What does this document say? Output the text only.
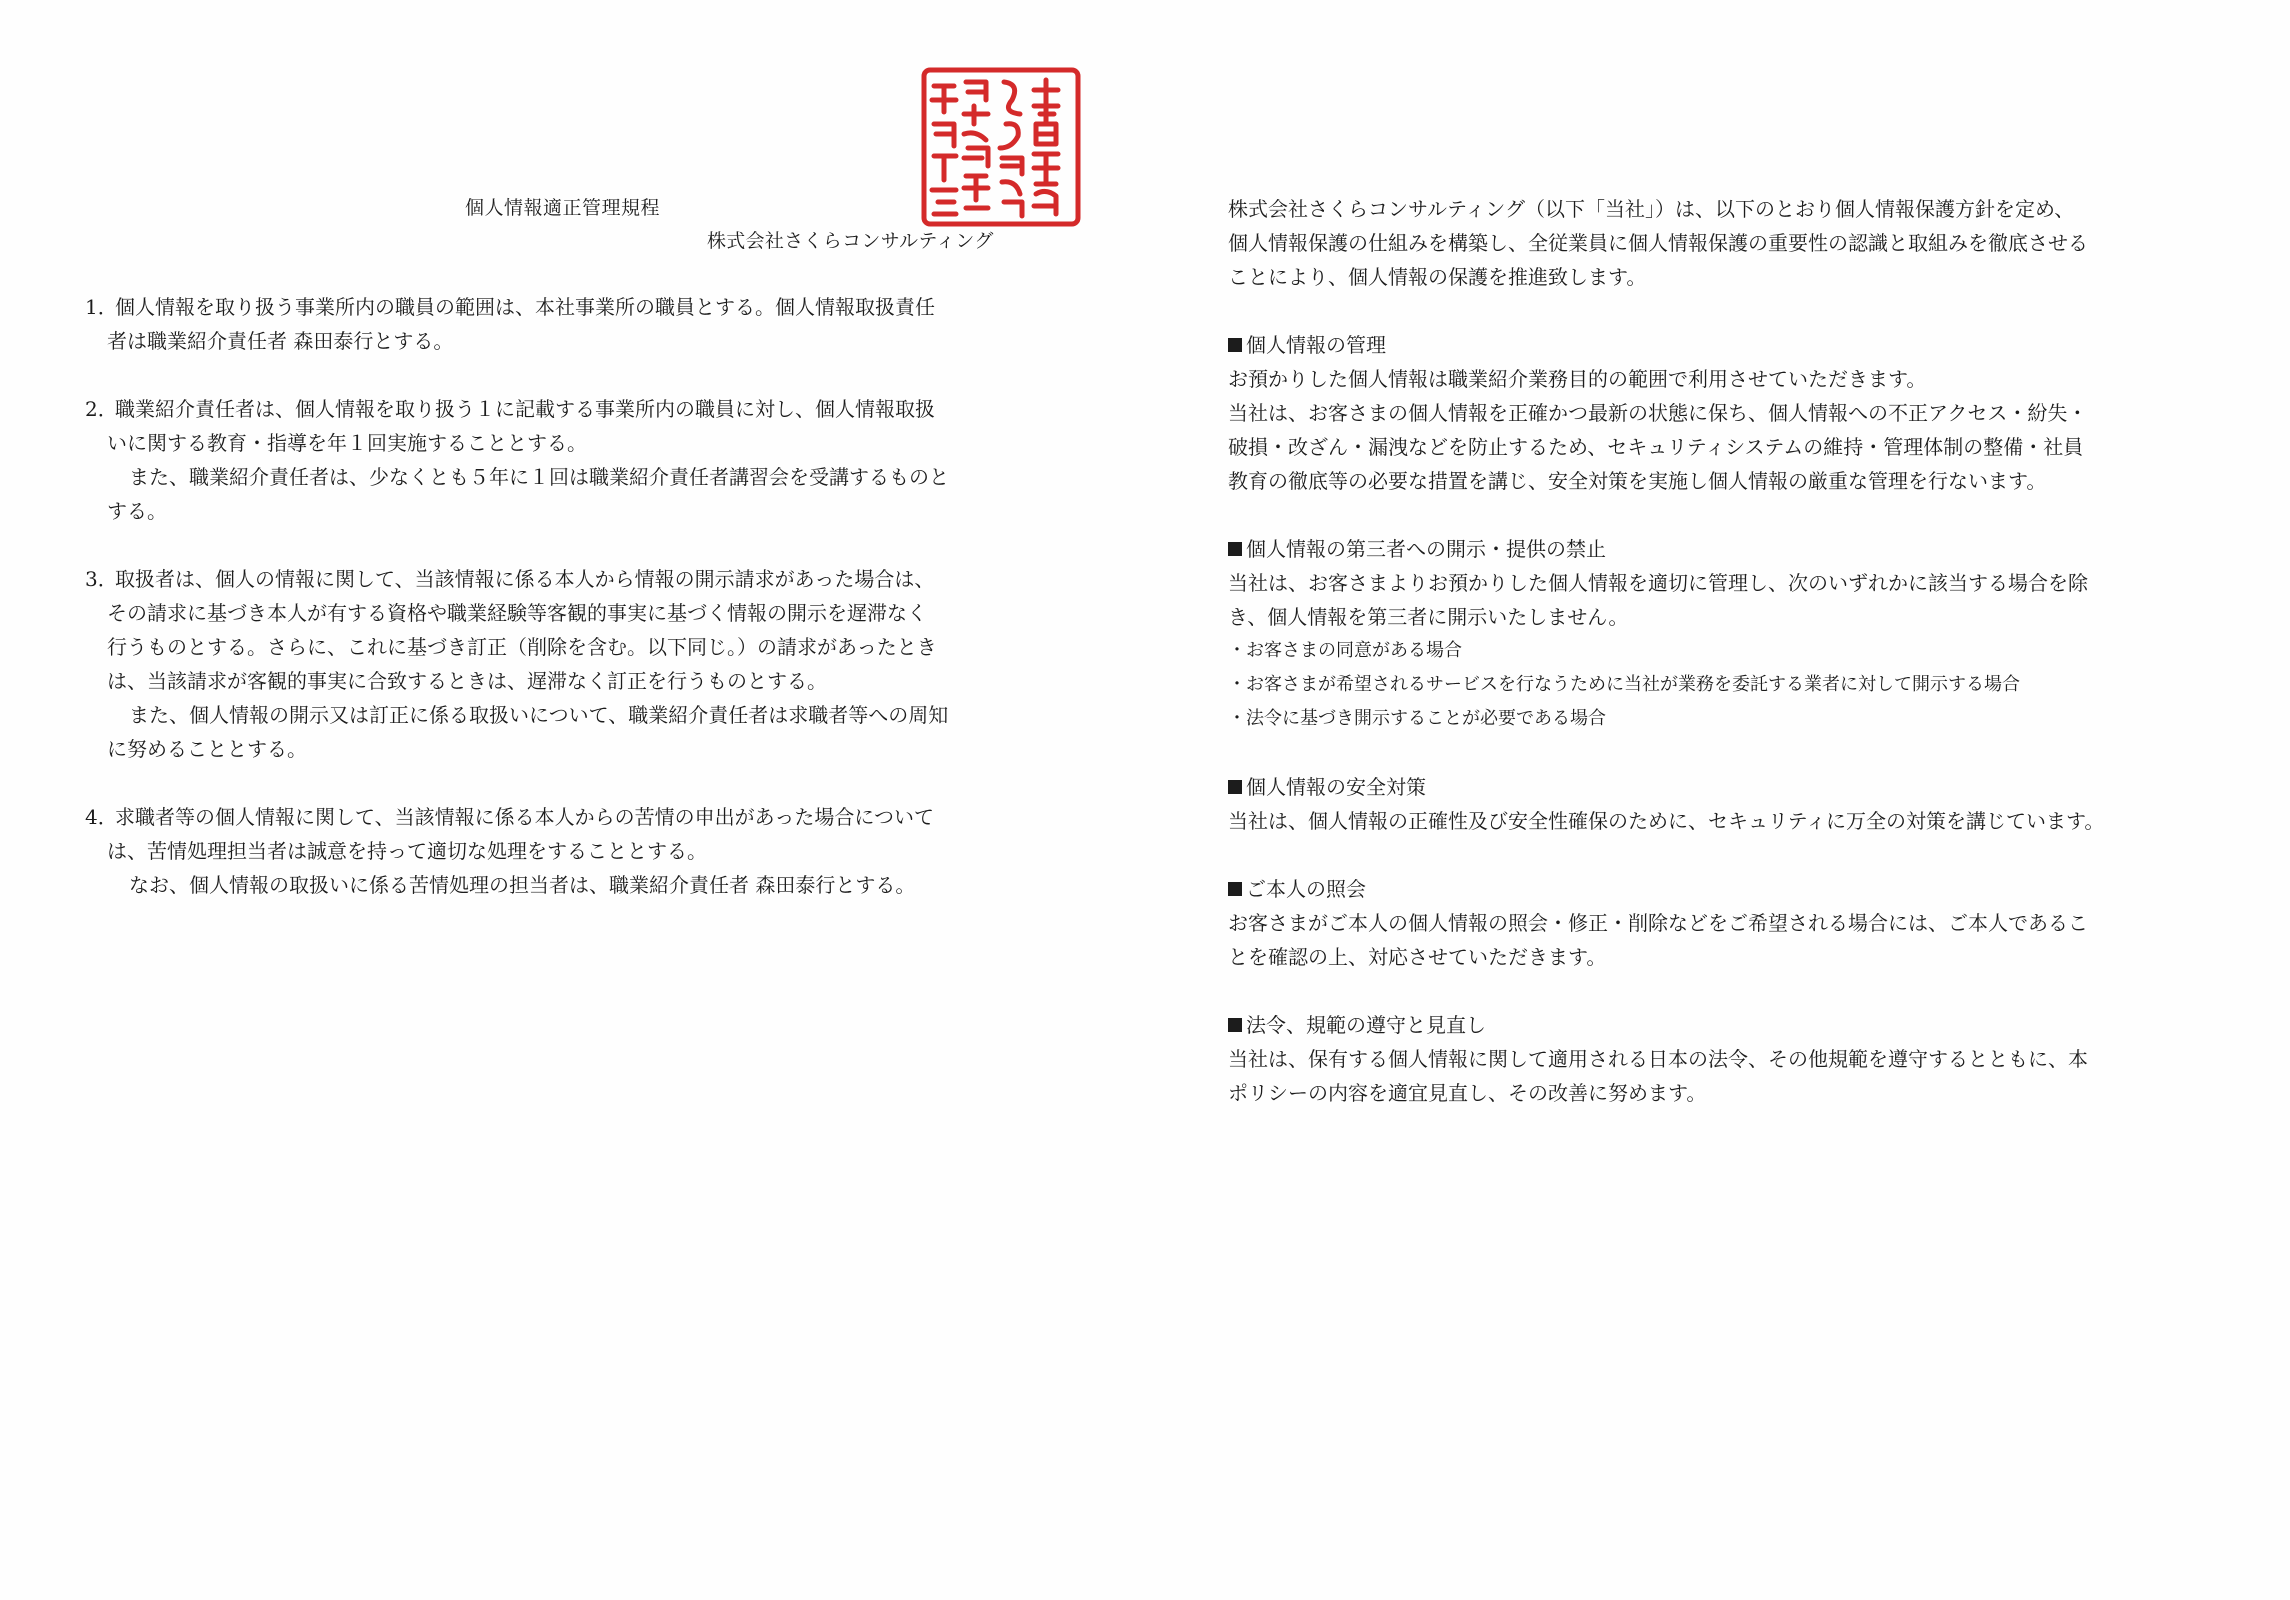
個人情報適正管理規程
株式会社さくらコンサルティング
1．個人情報を取り扱う事業所内の職員の範囲は、本社事業所の職員とする。個人情報取扱責任
者は職業紹介責任者 森田泰行とする。
2．職業紹介責任者は、個人情報を取り扱う１に記載する事業所内の職員に対し、個人情報取扱
いに関する教育・指導を年１回実施することとする。
また、職業紹介責任者は、少なくとも５年に１回は職業紹介責任者講習会を受講するものと
する。
3．取扱者は、個人の情報に関して、当該情報に係る本人から情報の開示請求があった場合は、
その請求に基づき本人が有する資格や職業経験等客観的事実に基づく情報の開示を遅滞なく
行うものとする。さらに、これに基づき訂正（削除を含む。以下同じ。）の請求があったとき
は、当該請求が客観的事実に合致するときは、遅滞なく訂正を行うものとする。
また、個人情報の開示又は訂正に係る取扱いについて、職業紹介責任者は求職者等への周知
に努めることとする。
4．求職者等の個人情報に関して、当該情報に係る本人からの苦情の申出があった場合について
は、苦情処理担当者は誠意を持って適切な処理をすることとする。
なお、個人情報の取扱いに係る苦情処理の担当者は、職業紹介責任者 森田泰行とする。

株式会社さくらコンサルティング（以下「当社」）は、以下のとおり個人情報保護方針を定め、

個人情報保護の仕組みを構築し、全従業員に個人情報保護の重要性の認識と取組みを徹底させる

ことにより、個人情報の保護を推進致します。

個人情報の管理

お預かりした個人情報は職業紹介業務目的の範囲で利用させていただきます。

当社は、お客さまの個人情報を正確かつ最新の状態に保ち、個人情報への不正アクセス・紛失・

破損・改ざん・漏洩などを防止するため、セキュリティシステムの維持・管理体制の整備・社員

教育の徹底等の必要な措置を講じ、安全対策を実施し個人情報の厳重な管理を行ないます。

個人情報の第三者への開示・提供の禁止

当社は、お客さまよりお預かりした個人情報を適切に管理し、次のいずれかに該当する場合を除

き、個人情報を第三者に開示いたしません。

・お客さまの同意がある場合

・お客さまが希望されるサービスを行なうために当社が業務を委託する業者に対して開示する場合

・法令に基づき開示することが必要である場合

個人情報の安全対策

当社は、個人情報の正確性及び安全性確保のために、セキュリティに万全の対策を講じています。

ご本人の照会

お客さまがご本人の個人情報の照会・修正・削除などをご希望される場合には、ご本人であるこ

とを確認の上、対応させていただきます。

法令、規範の遵守と見直し

当社は、保有する個人情報に関して適用される日本の法令、その他規範を遵守するとともに、本

ポリシーの内容を適宜見直し、その改善に努めます。
